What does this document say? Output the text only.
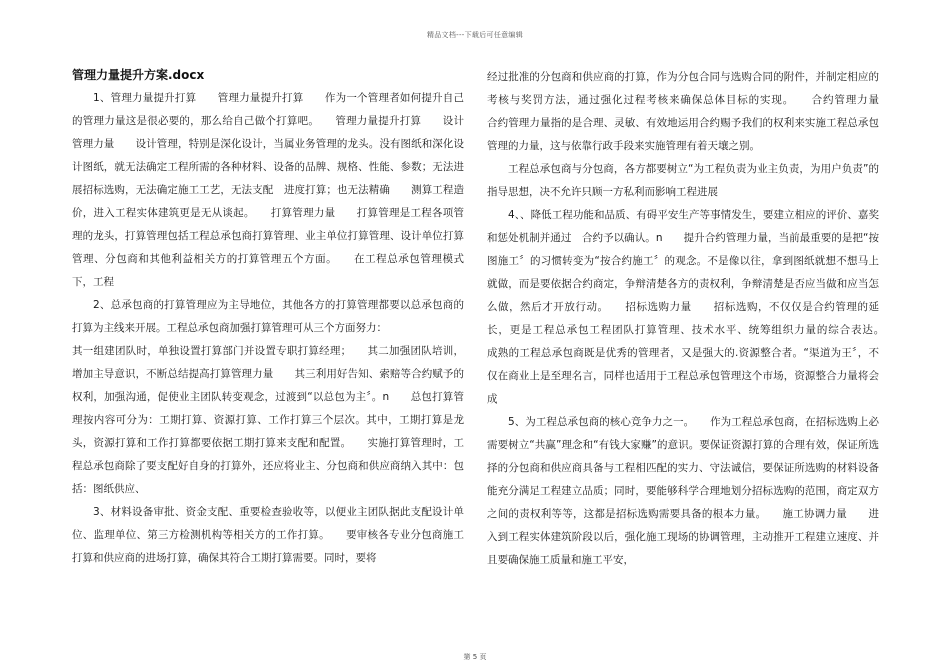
精品文档---下载后可任意编辑
管理力量提升方案.docx

1、管理力量提升打算　　管理力量提升打算　　作为一个管理者如何提升自己的管理力量这是很必要的，那么给自己做个打算吧。　　管理力量提升打算　　设计管理力量　　设计管理，特别是深化设计，当属业务管理的龙头。没有图纸和深化设计图纸，就无法确定工程所需的各种材料、设备的品牌、规格、性能、参数；无法进展招标选购，无法确定施工工艺，无法支配　进度打算；也无法精确　　测算工程造价，进入工程实体建筑更是无从谈起。　　打算管理力量　　打算管理是工程各项管理的龙头，打算管理包括工程总承包商打算管理、业主单位打算管理、设计单位打算管理、分包商和其他利益相关方的打算管理五个方面。　　在工程总承包管理模式下，工程

2、总承包商的打算管理应为主导地位，其他各方的打算管理都要以总承包商的打算为主线来开展。工程总承包商加强打算管理可从三个方面努力：

其一组建团队时，单独设置打算部门并设置专职打算经理；　　其二加强团队培训，增加主导意识，不断总结提高打算管理力量　　其三利用好告知、索赔等合约赋予的权利，加强沟通，促使业主团队转变观念，过渡到“以总包为主〞。n　　总包打算管理按内容可分为：工期打算、资源打算、工作打算三个层次。其中，工期打算是龙头，资源打算和工作打算都要依据工期打算来支配和配置。　　实施打算管理时，工程总承包商除了要支配好自身的打算外，还应将业主、分包商和供应商纳入其中：包括：图纸供应、

3、材料设备审批、资金支配、重要检查验收等，以便业主团队据此支配设计单位、监理单位、第三方检测机构等相关方的工作打算。　　要审核各专业分包商施工打算和供应商的进场打算，确保其符合工期打算需要。同时，要将

经过批准的分包商和供应商的打算，作为分包合同与选购合同的附件，并制定相应的考核与奖罚方法，通过强化过程考核来确保总体目标的实现。　　合约管理力量　　合约管理力量指的是合理、灵敏、有效地运用合约赐予我们的权利来实施工程总承包管理的力量，这与依靠行政手段来实施管理有着天壤之别。

工程总承包商与分包商，各方都要树立“为工程负责为业主负责，为用户负责”的指导思想，决不允许只顾一方私利而影响工程进展

4、、降低工程功能和品质、有碍平安生产等事情发生，要建立相应的评价、嘉奖和惩处机制并通过　合约予以确认。n　　提升合约管理力量，当前最重要的是把“按图施工〞的习惯转变为“按合约施工〞的观念。不是像以往，拿到图纸就想不想马上就做，而是要依据合约商定，争辩清楚各方的责权利，争辩清楚是否应当做和应当怎么做，然后才开放行动。　　招标选购力量　　招标选购，不仅仅是合约管理的延长，更是工程总承包工程团队打算管理、技术水平、统筹组织力量的综合表达。　　成熟的工程总承包商既是优秀的管理者，又是强大的.资源整合者。“渠道为王〞，不仅在商业上是至理名言，同样也适用于工程总承包管理这个市场，资源整合力量将会成

5、为工程总承包商的核心竞争力之一。　　作为工程总承包商，在招标选购上必需要树立“共赢”理念和“有钱大家赚”的意识。要保证资源打算的合理有效，保证所选择的分包商和供应商具备与工程相匹配的实力、守法诚信，要保证所选购的材料设备能充分满足工程建立品质；同时，要能够科学合理地划分招标选购的范围，商定双方之间的责权利等等，这都是招标选购需要具备的根本力量。　　施工协调力量　　进入到工程实体建筑阶段以后，强化施工现场的协调管理，主动推开工程建立速度、并且要确保施工质量和施工平安，

第 5 页
